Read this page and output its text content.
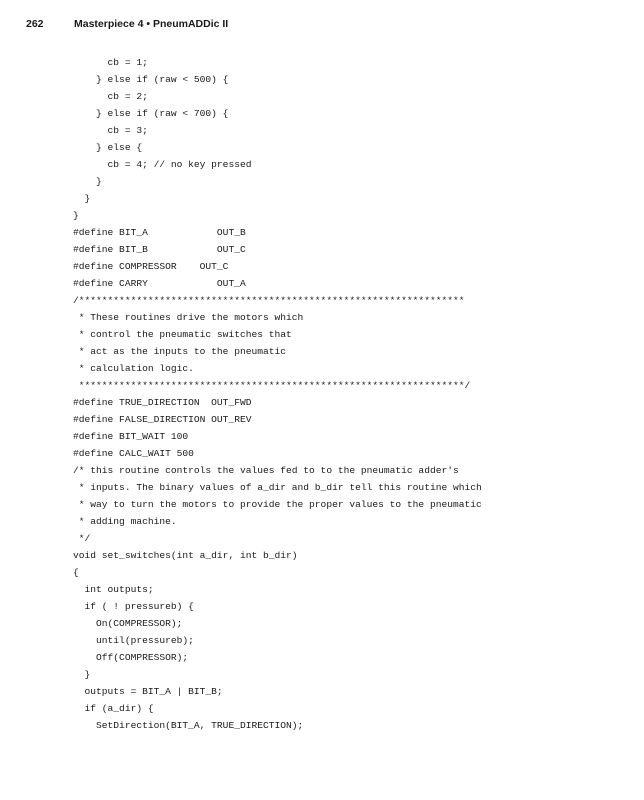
262	Masterpiece 4 • PneumADDic II
cb = 1;
} else if (raw < 500) {
cb = 2;
} else if (raw < 700) {
cb = 3;
} else {
cb = 4; // no key pressed
}
}
}
#define BIT_A            OUT_B
#define BIT_B            OUT_C
#define COMPRESSOR    OUT_C
#define CARRY            OUT_A
/*******************************************************************
* These routines drive the motors which
* control the pneumatic switches that
* act as the inputs to the pneumatic
* calculation logic.
*******************************************************************/
#define TRUE_DIRECTION  OUT_FWD
#define FALSE_DIRECTION OUT_REV
#define BIT_WAIT 100
#define CALC_WAIT 500
/* this routine controls the values fed to to the pneumatic adder's
* inputs. The binary values of a_dir and b_dir tell this routine which
* way to turn the motors to provide the proper values to the pneumatic
* adding machine.
*/
void set_switches(int a_dir, int b_dir)
{
int outputs;
if ( ! pressureb) {
On(COMPRESSOR);
until(pressureb);
Off(COMPRESSOR);
}
outputs = BIT_A | BIT_B;
if (a_dir) {
SetDirection(BIT_A, TRUE_DIRECTION);
